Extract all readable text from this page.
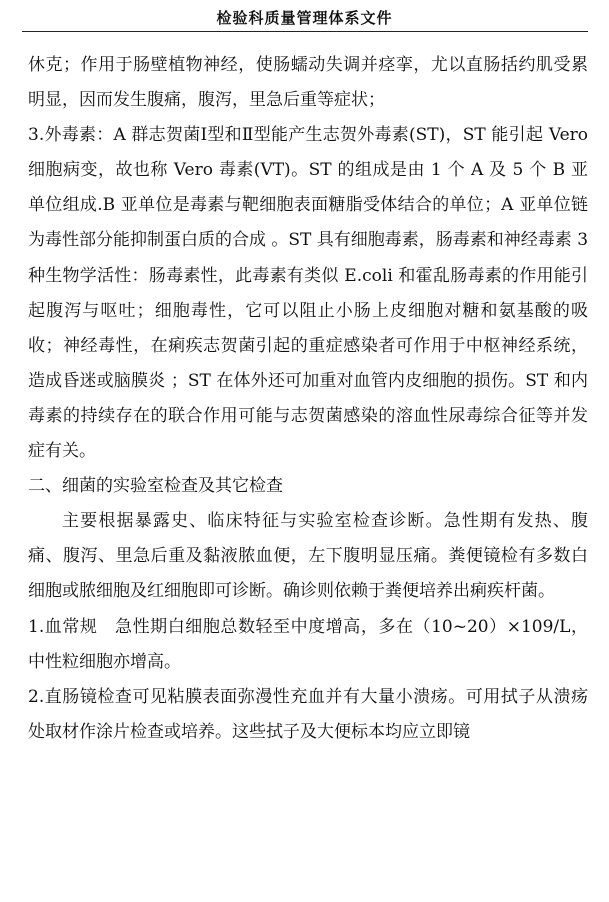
检验科质量管理体系文件

休克；作用于肠壁植物神经，使肠蠕动失调并痉挛，尤以直肠括约肌受累明显，因而发生腹痛，腹泻，里急后重等症状；

3.外毒素：A 群志贺菌Ⅰ型和Ⅱ型能产生志贺外毒素(ST)，ST 能引起 Vero 细胞病变，故也称 Vero 毒素(VT)。ST 的组成是由 1 个 A 及 5 个 B 亚单位组成.B 亚单位是毒素与靶细胞表面糖脂受体结合的单位；A 亚单位链为毒性部分能抑制蛋白质的合成 。ST 具有细胞毒素，肠毒素和神经毒素 3 种生物学活性：肠毒素性，此毒素有类似 E.coli 和霍乱肠毒素的作用能引起腹泻与呕吐；细胞毒性，它可以阻止小肠上皮细胞对糖和氨基酸的吸收；神经毒性，在痢疾志贺菌引起的重症感染者可作用于中枢神经系统，造成昏迷或脑膜炎 ；ST 在体外还可加重对血管内皮细胞的损伤。ST 和内毒素的持续存在的联合作用可能与志贺菌感染的溶血性尿毒综合征等并发症有关。

二、细菌的实验室检查及其它检查

主要根据暴露史、临床特征与实验室检查诊断。急性期有发热、腹痛、腹泻、里急后重及黏液脓血便，左下腹明显压痛。粪便镜检有多数白细胞或脓细胞及红细胞即可诊断。确诊则依赖于粪便培养出痢疾杆菌。

1.血常规　急性期白细胞总数轻至中度增高，多在（10~20）×109/L，中性粒细胞亦增高。

2.直肠镜检查可见粘膜表面弥漫性充血并有大量小溃疡。可用拭子从溃疡处取材作涂片检查或培养。这些拭子及大便标本均应立即镜
